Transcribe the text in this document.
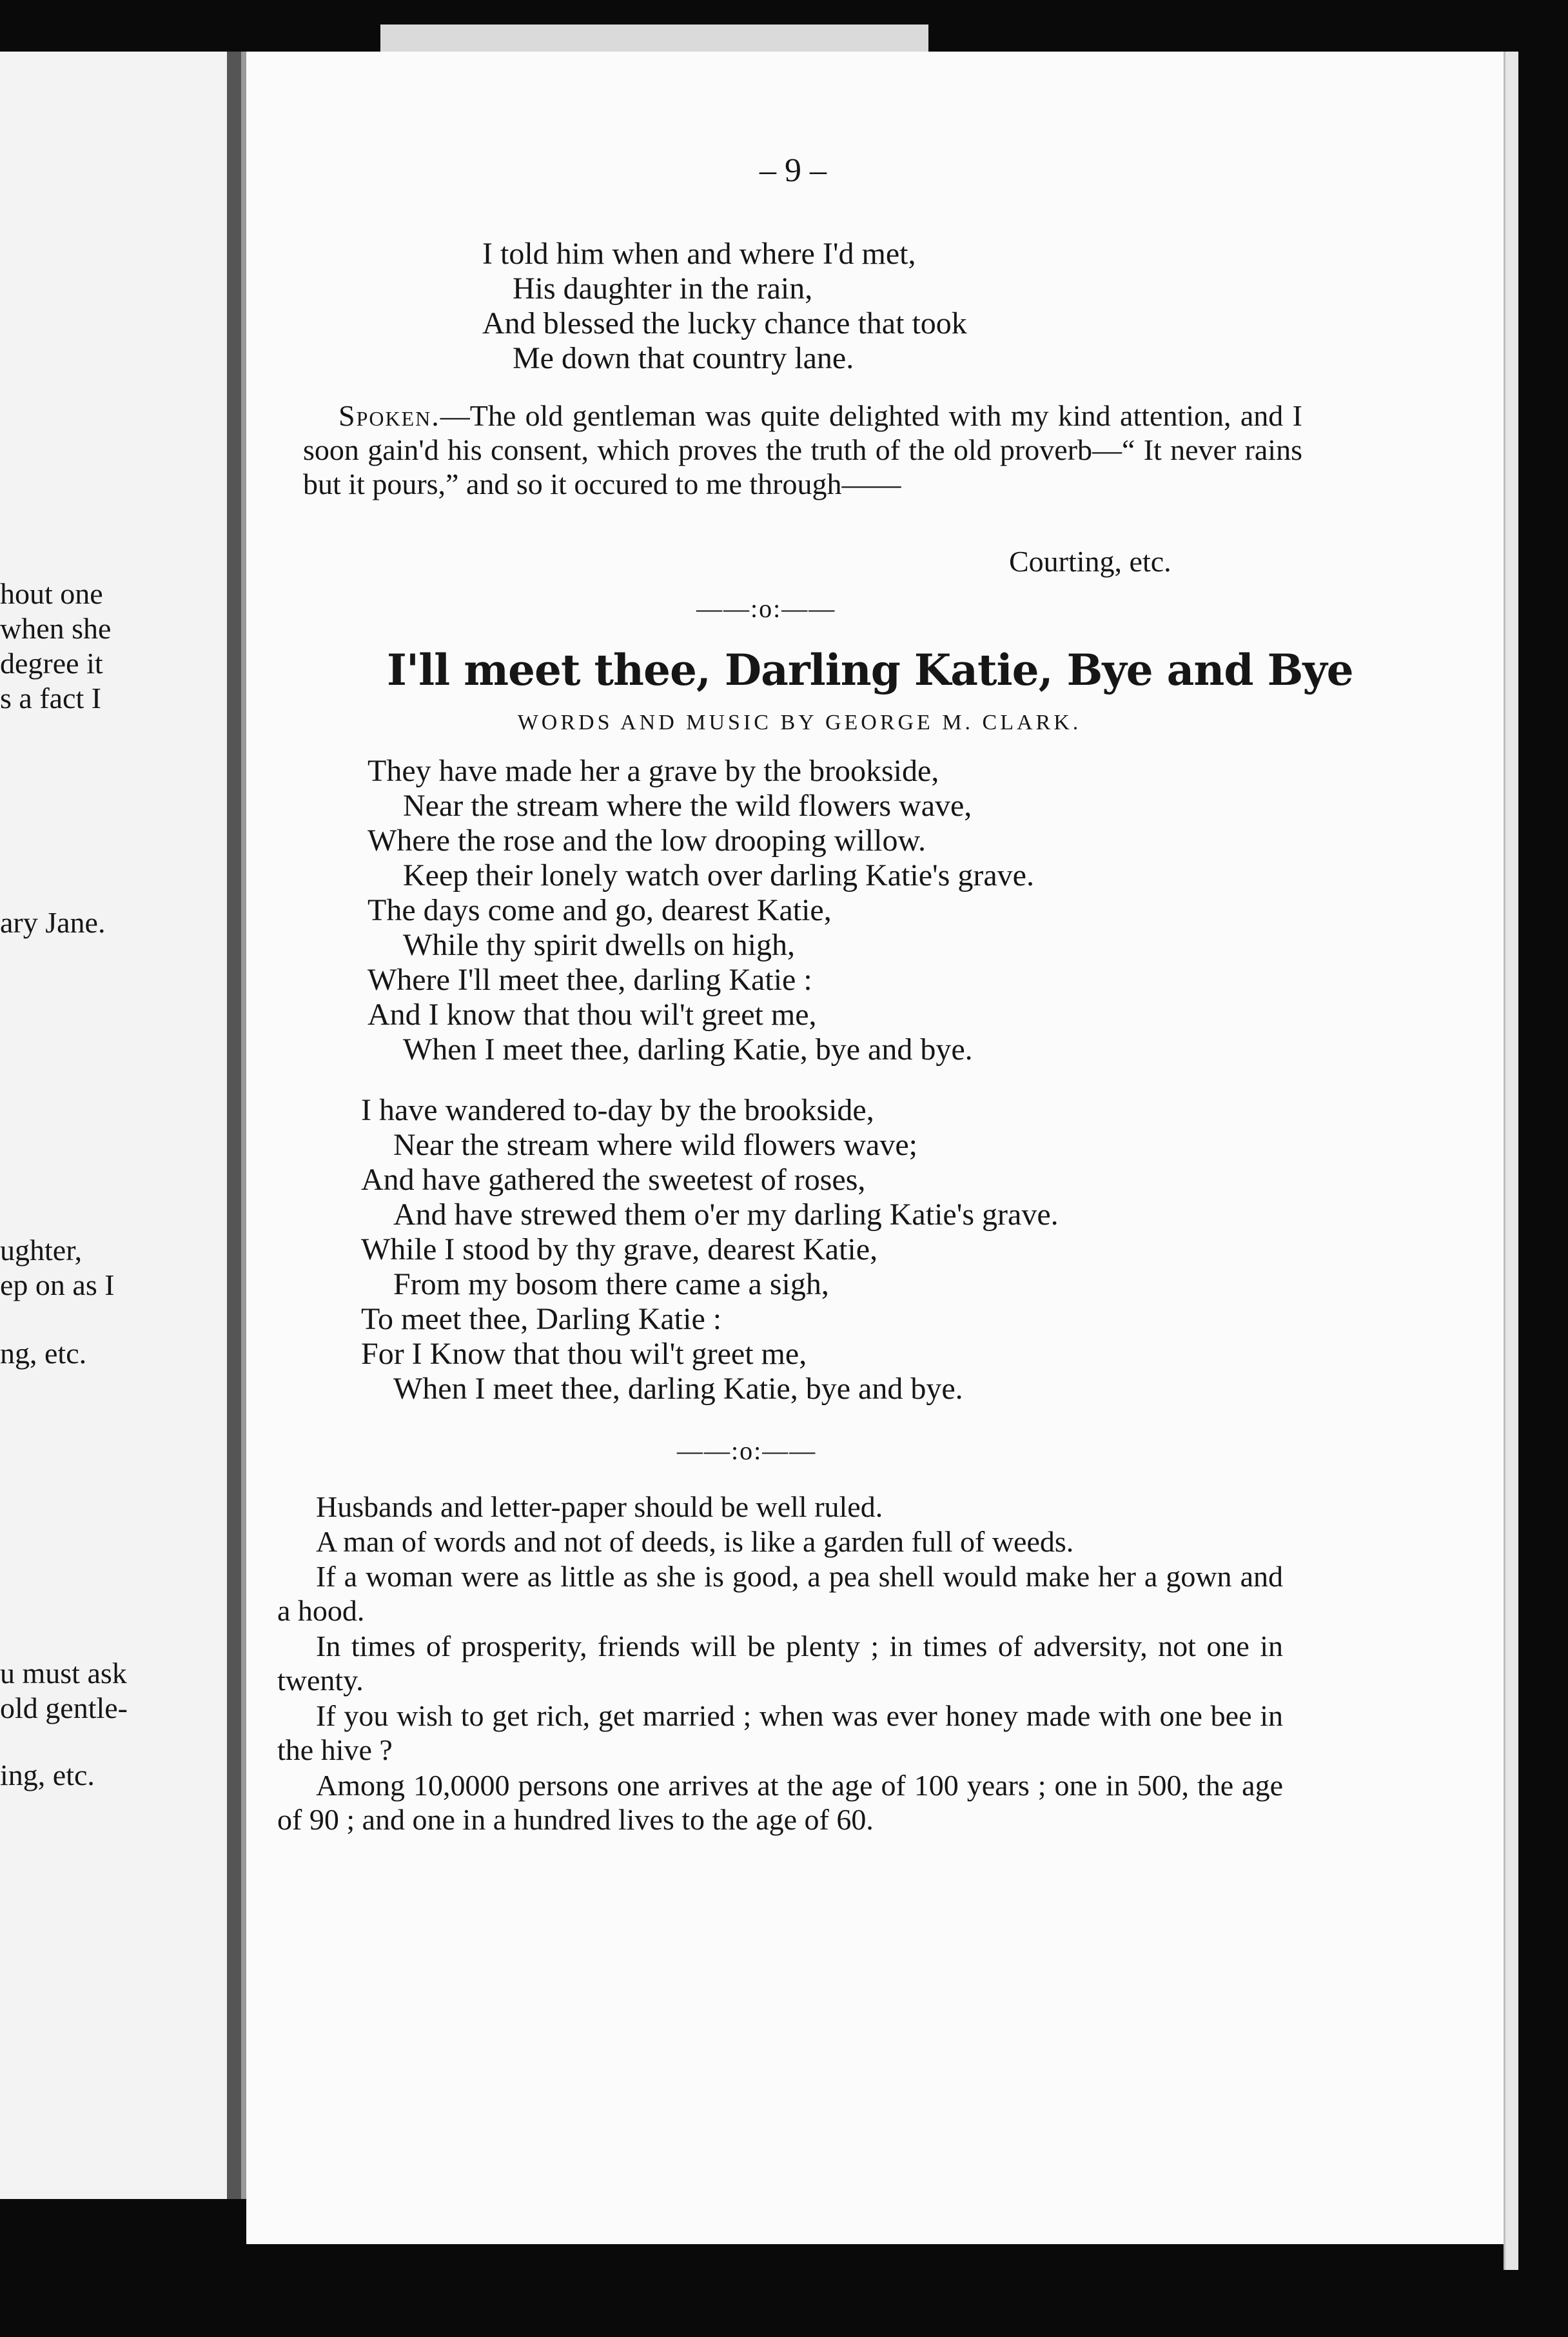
hout one
when she
degree it
s a fact I
ary Jane.
ughter,
ep on as I
ng, etc.
u must ask
old gentle-
ing, etc.
– 9 –
I told him when and where I'd met,
His daughter in the rain,
And blessed the lucky chance that took
Me down that country lane.
Spoken.—The old gentleman was quite delighted with my kind attention, and I soon gain'd his consent, which proves the truth of the old proverb—“ It never rains but it pours,” and so it occured to me through——
Courting, etc.
——:o:——
I'll meet thee, Darling Katie, Bye and Bye
WORDS AND MUSIC BY GEORGE M. CLARK.
They have made her a grave by the brookside,
Near the stream where the wild flowers wave,
Where the rose and the low drooping willow.
Keep their lonely watch over darling Katie's grave.
The days come and go, dearest Katie,
While thy spirit dwells on high,
Where I'll meet thee, darling Katie :
And I know that thou wil't greet me,
When I meet thee, darling Katie, bye and bye.
I have wandered to-day by the brookside,
Near the stream where wild flowers wave;
And have gathered the sweetest of roses,
And have strewed them o'er my darling Katie's grave.
While I stood by thy grave, dearest Katie,
From my bosom there came a sigh,
To meet thee, Darling Katie :
For I Know that thou wil't greet me,
When I meet thee, darling Katie, bye and bye.
——:o:——
Husbands and letter-paper should be well ruled.
A man of words and not of deeds, is like a garden full of weeds.
If a woman were as little as she is good, a pea shell would make her a gown and a hood.
In times of prosperity, friends will be plenty ; in times of adversity, not one in twenty.
If you wish to get rich, get married ; when was ever honey made with one bee in the hive ?
Among 10,0000 persons one arrives at the age of 100 years ; one in 500, the age of 90 ; and one in a hundred lives to the age of 60.
